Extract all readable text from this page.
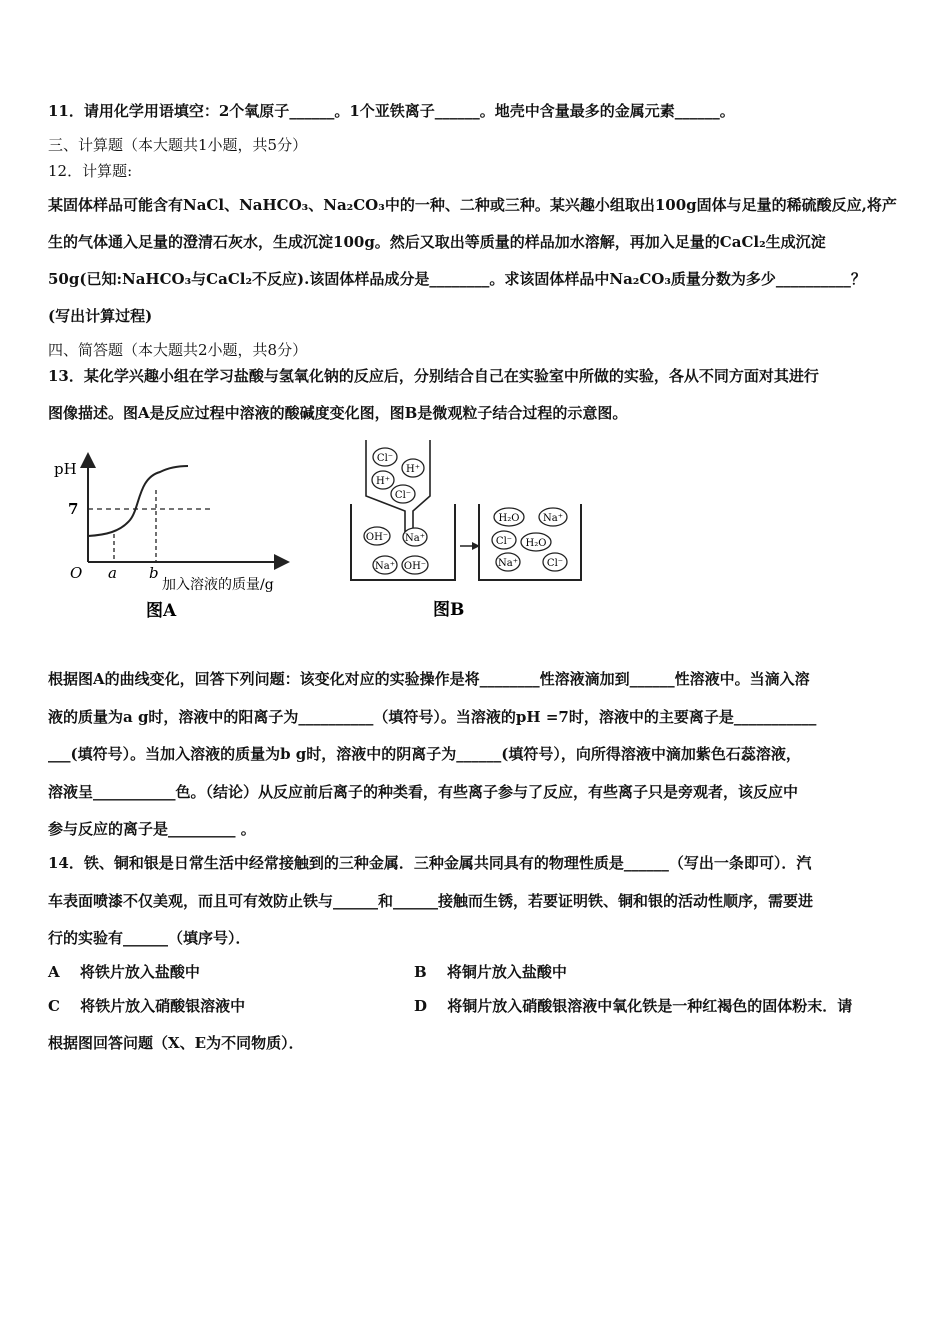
11．请用化学用语填空：2个氧原子______。1个亚铁离子______。地壳中含量最多的金属元素______。
三、计算题（本大题共1小题，共5分）
12．计算题:
某固体样品可能含有NaCl、NaHCO₃、Na₂CO₃中的一种、二种或三种。某兴趣小组取出100g固体与足量的稀硫酸反应,将产
生的气体通入足量的澄清石灰水，生成沉淀100g。然后又取出等质量的样品加水溶解，再加入足量的CaCl₂生成沉淀
50g(已知:NaHCO₃与CaCl₂不反应).该固体样品成分是________。求该固体样品中Na₂CO₃质量分数为多少__________？
(写出计算过程)
四、简答题（本大题共2小题，共8分）
13．某化学兴趣小组在学习盐酸与氢氧化钠的反应后，分别结合自己在实验室中所做的实验，各从不同方面对其进行
图像描述。图A是反应过程中溶液的酸碱度变化图，图B是微观粒子结合过程的示意图。
pH
7
O a b
加入溶液的质量/g
图A
Cl⁻
H⁺
H⁺
Cl⁻
OH⁻ Na⁺
Na⁺ OH⁻
H₂O Na⁺
Cl⁻ H₂O
Na⁺	Cl⁻
图B
根据图A的曲线变化，回答下列问题：该变化对应的实验操作是将________性溶液滴加到______性溶液中。当滴入溶
液的质量为a g时，溶液中的阳离子为__________（填符号）。当溶液的pH =7时，溶液中的主要离子是___________
___(填符号）。当加入溶液的质量为b g时，溶液中的阴离子为______(填符号），向所得溶液中滴加紫色石蕊溶液，
溶液呈___________色。（结论）从反应前后离子的种类看，有些离子参与了反应，有些离子只是旁观者，该反应中
参与反应的离子是_________ 。
14．铁、铜和银是日常生活中经常接触到的三种金属．三种金属共同具有的物理性质是______（写出一条即可）．汽
车表面喷漆不仅美观，而且可有效防止铁与______和______接触而生锈，若要证明铁、铜和银的活动性顺序，需要进
行的实验有______（填序号）．
A　 将铁片放入盐酸中	B　 将铜片放入盐酸中
C　 将铁片放入硝酸银溶液中	D　 将铜片放入硝酸银溶液中氧化铁是一种红褐色的固体粉末．请
根据图回答问题（X、E为不同物质）．
